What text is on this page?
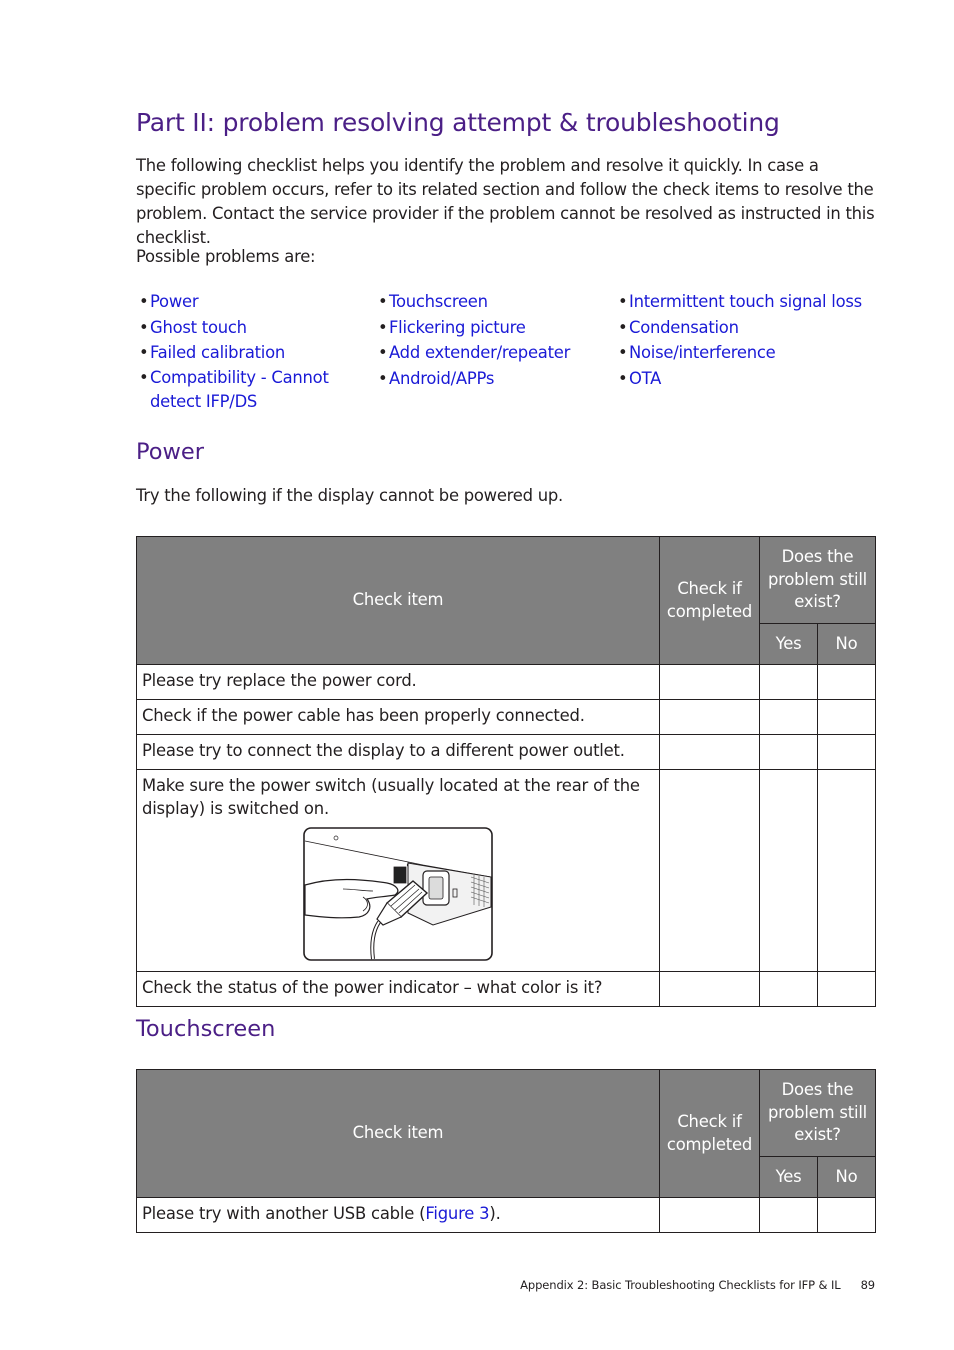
Part II: problem resolving attempt & troubleshooting

The following checklist helps you identify the problem and resolve it quickly. In case a specific problem occurs, refer to its related section and follow the check items to resolve the problem. Contact the service provider if the problem cannot be resolved as instructed in this checklist.

Possible problems are:

• Power
• Ghost touch
• Failed calibration
• Compatibility - Cannot detect IFP/DS
• Touchscreen
• Flickering picture
• Add extender/repeater
• Android/APPs
• Intermittent touch signal loss
• Condensation
• Noise/interference
• OTA
Power

Try the following if the display cannot be powered up.

Check item	Check if completed	Does the problem still exist?	
		Yes	No
Please try replace the power cord.			
Check if the power cable has been properly connected.			
Please try to connect the display to a different power outlet.			
Make sure the power switch (usually located at the rear of the display) is switched on.

Check the status of the power indicator – what color is it?			
Touchscreen
Check item	Check if completed	Does the problem still exist?	
		Yes	No
Please try with another USB cable (Figure 3).			
Appendix 2: Basic Troubleshooting Checklists for IFP & IL 89
